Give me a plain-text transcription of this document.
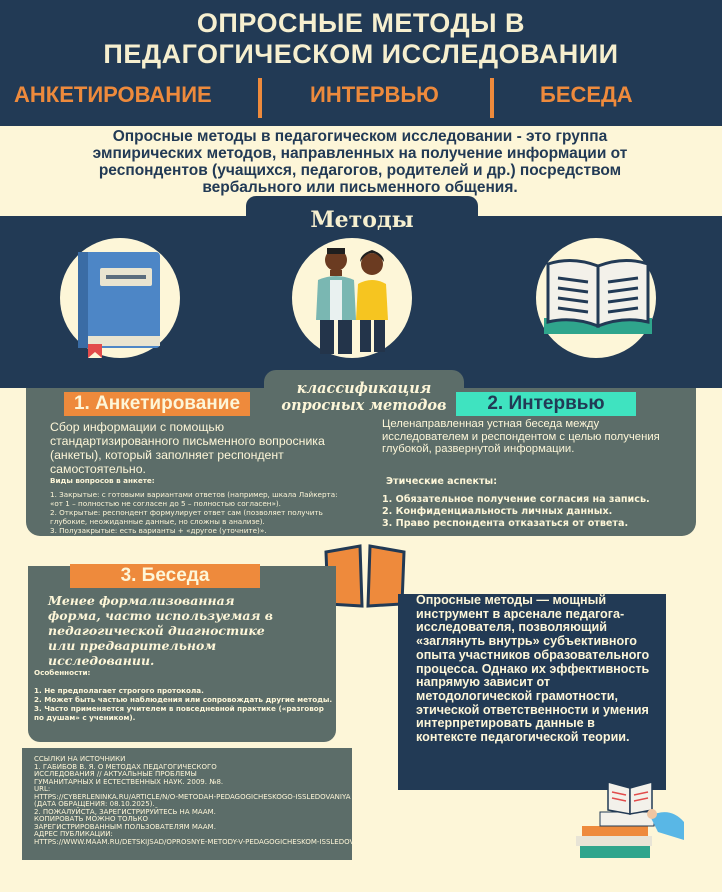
ОПРОСНЫЕ МЕТОДЫ В
ПЕДАГОГИЧЕСКОМ ИССЛЕДОВАНИИ
АНКЕТИРОВАНИЕ	ИНТЕРВЬЮ	БЕСЕДА
Опросные методы в педагогическом исследовании - это группа эмпирических методов, направленных на получение информации от респондентов (учащихся, педагогов, родителей и др.) посредством вербального или письменного общения.
Методы
классификация
опросных методов
1. Анкетирование	2. Интервью
Сбор информации с помощью стандартизированного письменного вопросника (анкеты), который заполняет респондент самостоятельно.
Виды вопросов в анкете:
1. Закрытые: с готовыми вариантами ответов (например, шкала Лайкерта: «от 1 – полностью не согласен до 5 – полностью согласен»).
2. Открытые: респондент формулирует ответ сам (позволяет получить глубокие, неожиданные данные, но сложны в анализе).
3. Полузакрытые: есть варианты + «другое (уточните)».
Целенаправленная устная беседа между исследователем и респондентом с целью получения глубокой, развернутой информации.
Этические аспекты:
1. Обязательное получение согласия на запись.
2. Конфиденциальность личных данных.
3. Право респондента отказаться от ответа.
3. Беседа
Менее формализованная форма, часто используемая в педагогической диагностике или предварительном исследовании.
Особенности:
1. Не предполагает строгого протокола.
2. Может быть частью наблюдения или сопровождать другие методы.
3. Часто применяется учителем в повседневной практике («разговор по душам» с учеником).
ССЫЛКИ НА ИСТОЧНИКИ
1. ГАБИБОВ В. Я. О МЕТОДАХ ПЕДАГОГИЧЕСКОГО
ИССЛЕДОВАНИЯ // АКТУАЛЬНЫЕ ПРОБЛЕМЫ
ГУМАНИТАРНЫХ И ЕСТЕСТВЕННЫХ НАУК. 2009. №8.
URL:
HTTPS://CYBERLENINKA.RU/ARTICLE/N/O-METODAH-PEDAGOGICHESKOGO-ISSLEDOVANIYA
(ДАТА ОБРАЩЕНИЯ: 08.10.2025).
2. ПОЖАЛУЙСТА, ЗАРЕГИСТРИРУЙТЕСЬ НА MAAM.
КОПИРОВАТЬ МОЖНО ТОЛЬКО
ЗАРЕГИСТРИРОВАННЫМ ПОЛЬЗОВАТЕЛЯМ MAAM.
АДРЕС ПУБЛИКАЦИИ:
HTTPS://WWW.MAAM.RU/DETSKIJSAD/OPROSNYE-METODY-V-PEDAGOGICHESKOM-ISSLEDOVANI
Опросные методы — мощный инструмент в арсенале педагога-исследователя, позволяющий «заглянуть внутрь» субъективного опыта участников образовательного процесса. Однако их эффективность напрямую зависит от методологической грамотности, этической ответственности и умения интерпретировать данные в контексте педагогической теории.
